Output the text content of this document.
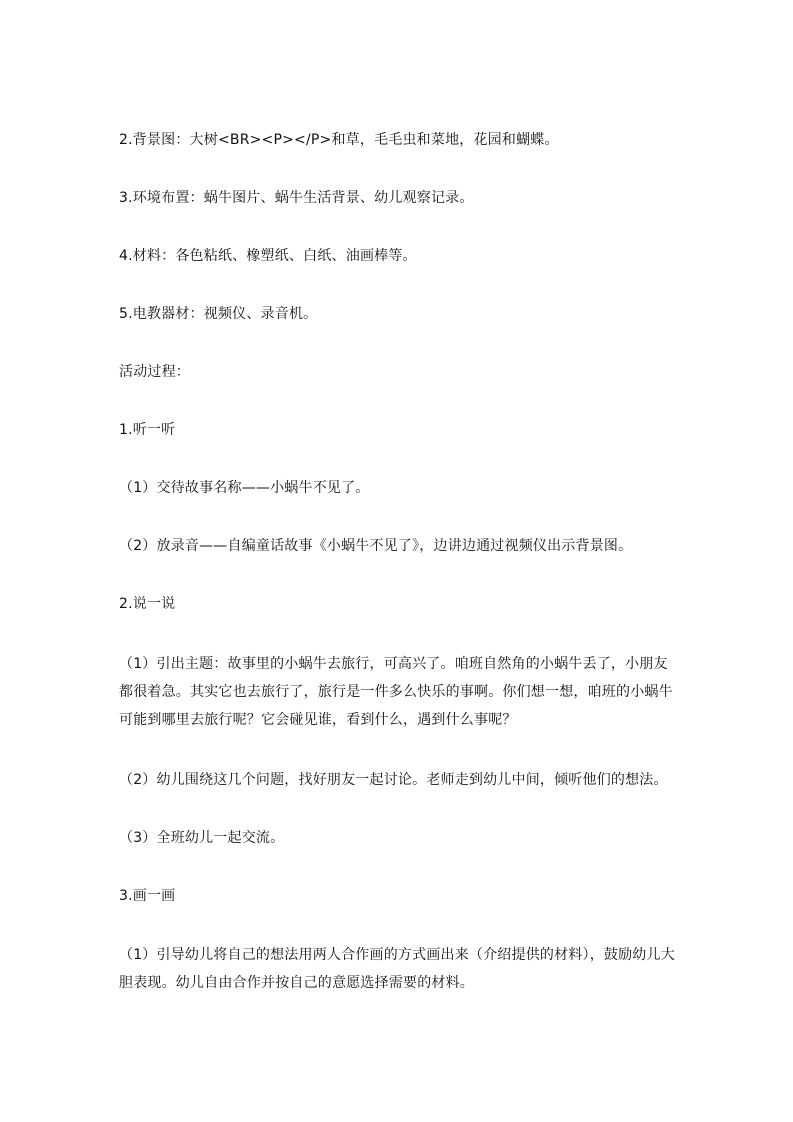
2.背景图：大树<BR><P></P>和草，毛毛虫和菜地，花园和蝴蝶。
3.环境布置：蜗牛图片、蜗牛生活背景、幼儿观察记录。
4.材料：各色粘纸、橡塑纸、白纸、油画棒等。
5.电教器材：视频仪、录音机。
活动过程：
1.听一听
（1）交待故事名称——小蜗牛不见了。
（2）放录音——自编童话故事《小蜗牛不见了》，边讲边通过视频仪出示背景图。
2.说一说
（1）引出主题：故事里的小蜗牛去旅行，可高兴了。咱班自然角的小蜗牛丢了，小朋友都很着急。其实它也去旅行了，旅行是一件多么快乐的事啊。你们想一想，咱班的小蜗牛可能到哪里去旅行呢？它会碰见谁，看到什么，遇到什么事呢？
（2）幼儿围绕这几个问题，找好朋友一起讨论。老师走到幼儿中间，倾听他们的想法。
（3）全班幼儿一起交流。
3.画一画
（1）引导幼儿将自己的想法用两人合作画的方式画出来（介绍提供的材料），鼓励幼儿大胆表现。幼儿自由合作并按自己的意愿选择需要的材料。
